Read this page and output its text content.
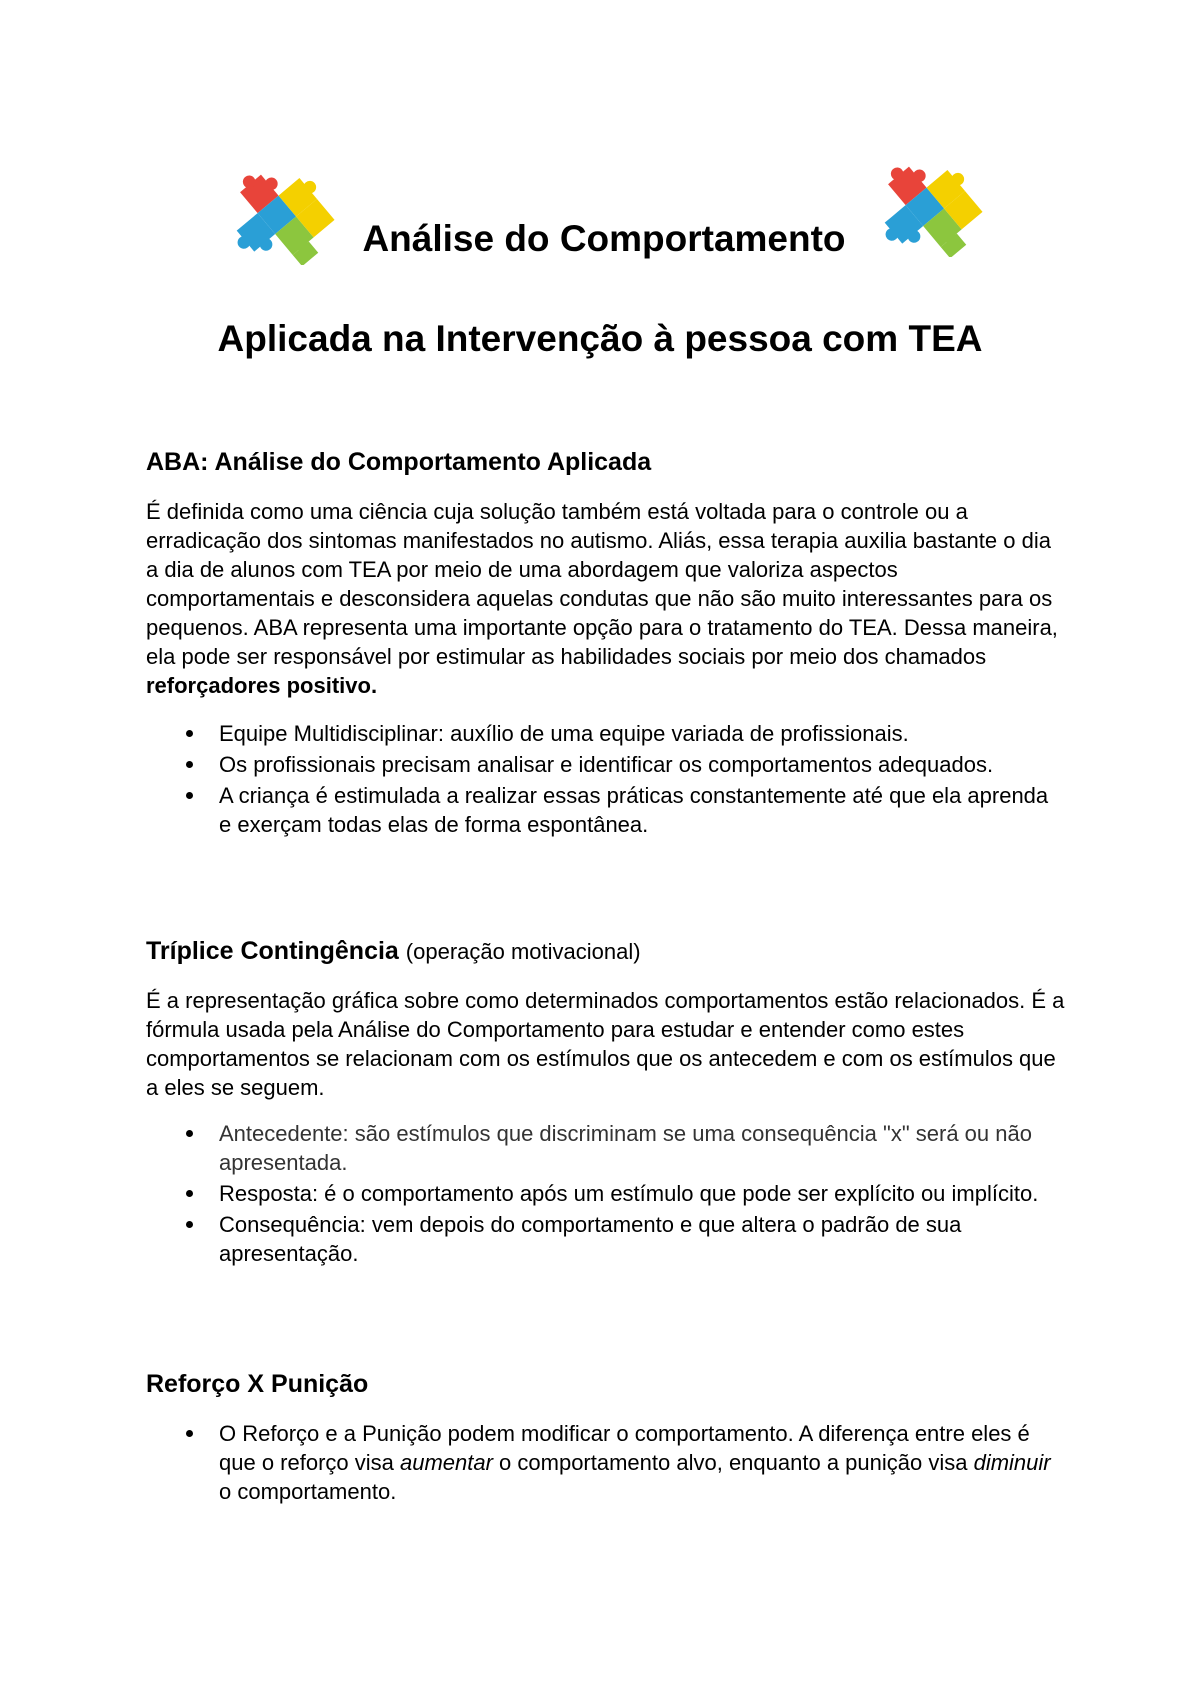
Análise do Comportamento
Aplicada na Intervenção à pessoa com TEA
ABA: Análise do Comportamento Aplicada

É definida como uma ciência cuja solução também está voltada para o controle ou a erradicação dos sintomas manifestados no autismo. Aliás, essa terapia auxilia bastante o dia a dia de alunos com TEA por meio de uma abordagem que valoriza aspectos comportamentais e desconsidera aquelas condutas que não são muito interessantes para os pequenos. ABA representa uma importante opção para o tratamento do TEA. Dessa maneira, ela pode ser responsável por estimular as habilidades sociais por meio dos chamados reforçadores positivo.

Equipe Multidisciplinar: auxílio de uma equipe variada de profissionais.
Os profissionais precisam analisar e identificar os comportamentos adequados.
A criança é estimulada a realizar essas práticas constantemente até que ela aprenda e exerçam todas elas de forma espontânea.
Tríplice Contingência (operação motivacional)

É a representação gráfica sobre como determinados comportamentos estão relacionados. É a fórmula usada pela Análise do Comportamento para estudar e entender como estes comportamentos se relacionam com os estímulos que os antecedem e com os estímulos que a eles se seguem.

Antecedente: são estímulos que discriminam se uma consequência "x" será ou não apresentada.
Resposta: é o comportamento após um estímulo que pode ser explícito ou implícito.
Consequência: vem depois do comportamento e que altera o padrão de sua apresentação.
Reforço X Punição
O Reforço e a Punição podem modificar o comportamento. A diferença entre eles é que o reforço visa aumentar o comportamento alvo, enquanto a punição visa diminuir o comportamento.
